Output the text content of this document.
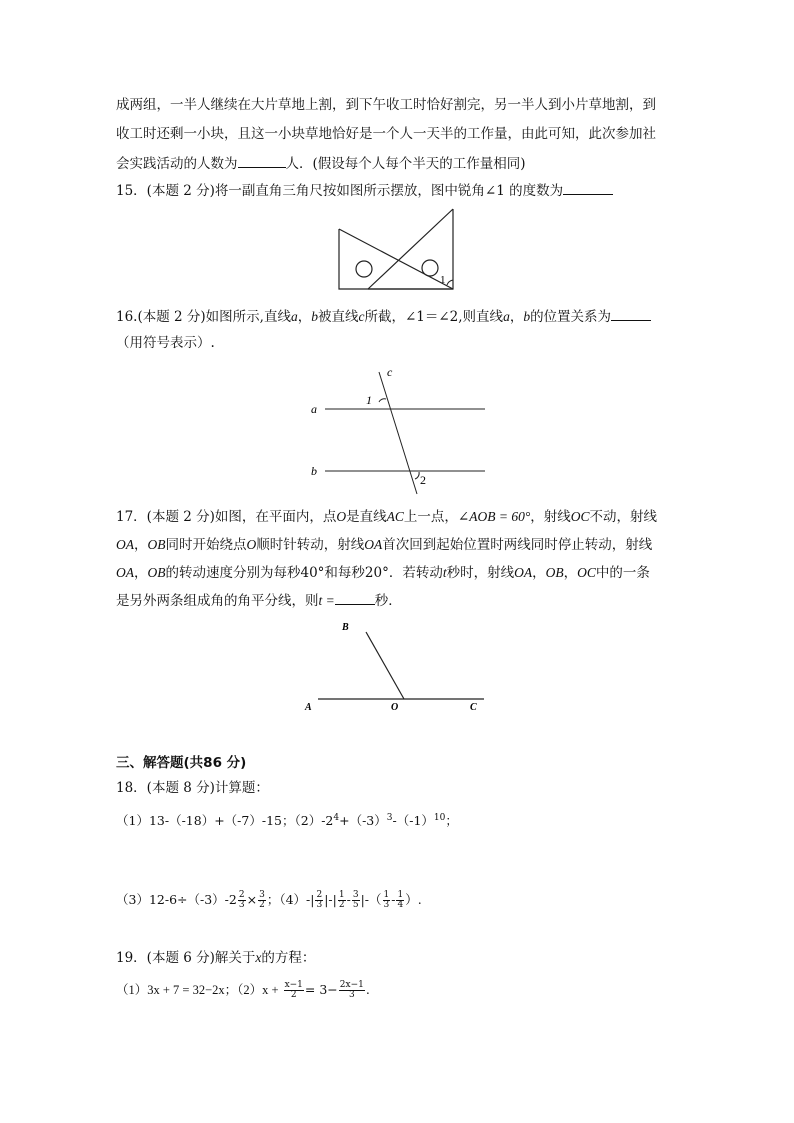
成两组，一半人继续在大片草地上割，到下午收工时恰好割完，另一半人到小片草地割，到
收工时还剩一小块，且这一小块草地恰好是一个人一天半的工作量，由此可知，此次参加社
会实践活动的人数为	人．(假设每个人每个半天的工作量相同)
15．(本题 2 分)将一副直角三角尺按如图所示摆放，图中锐角∠1 的度数为
1
16.(本题 2 分)如图所示,直线a，b被直线c所截，∠1＝∠2,则直线a，b的位置关系为
（用符号表示）.
c
a
b
1
2
17．(本题 2 分)如图，在平面内，点O是直线AC上一点，∠AOB = 60°，射线OC不动，射线
OA，OB同时开始绕点O顺时针转动，射线OA首次回到起始位置时两线同时停止转动，射线
OA，OB的转动速度分别为每秒40°和每秒20°．若转动t秒时，射线OA，OB，OC中的一条
是另外两条组成角的角平分线，则t =	秒．
A	O	C
B
三、解答题(共86 分)
18．(本题 8 分)计算题：
（1）13-（-18）+（-7）-15；$(2)-2^4+(-3)^3-(-1)^{10}$；
$(3)12-6\div(-3)-2 \frac{2}{3} \times \frac{3}{2}$ ；$(4)-| \frac{2}{3}$ |-| $\frac{1}{2} - \frac{3}{5}$ |-（ $\frac{1}{3} - \frac{1}{4}$ ）.
19．(本题 6 分)解关于x的方程：
（1）3x + 7 = 32−2x；$(2)x + \frac{x-1}{2} = 3- \frac{2x-1}{3}$ .
